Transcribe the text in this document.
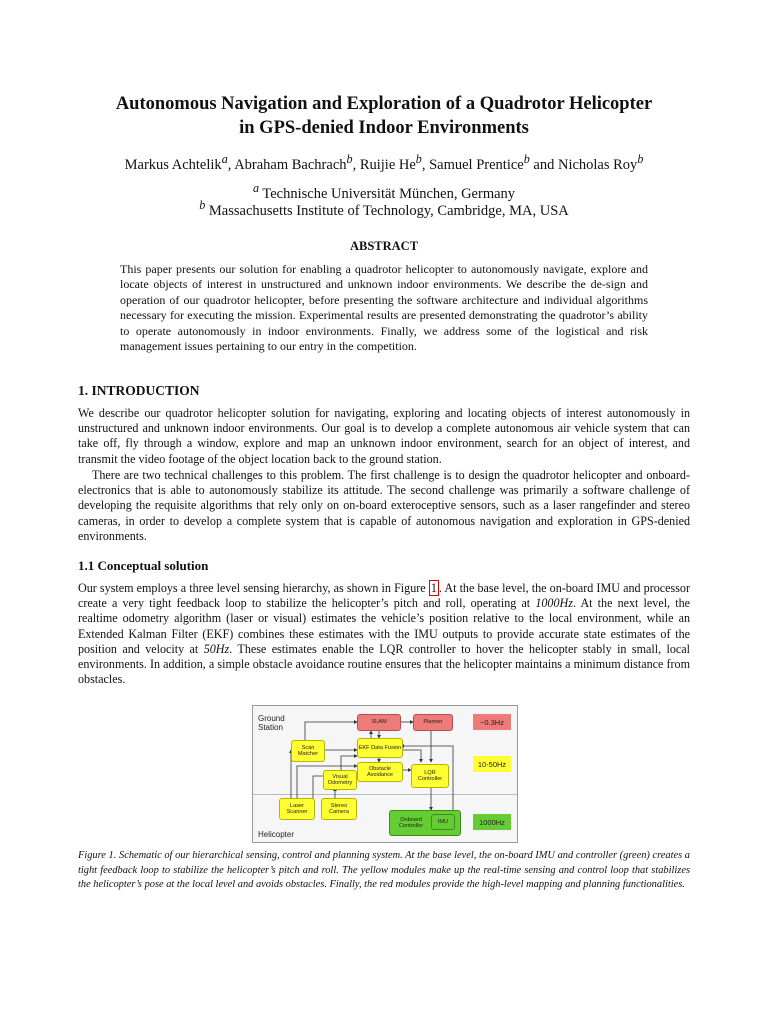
Autonomous Navigation and Exploration of a Quadrotor Helicopter
in GPS-denied Indoor Environments
Markus Achtelik$^a$, Abraham Bachrach$^b$, Ruijie He$^b$, Samuel Prentice$^b$ and Nicholas Roy$^b$
$^a$ Technische Universität München, Germany
$^b$ Massachusetts Institute of Technology, Cambridge, MA, USA
ABSTRACT
This paper presents our solution for enabling a quadrotor helicopter to autonomously navigate, explore and locate objects of interest in unstructured and unknown indoor environments. We describe the de-sign and operation of our quadrotor helicopter, before presenting the software architecture and individual algorithms necessary for executing the mission. Experimental results are presented demonstrating the quadrotor’s ability to operate autonomously in indoor environments. Finally, we address some of the logistical and risk management issues pertaining to our entry in the competition.
1. INTRODUCTION
We describe our quadrotor helicopter solution for navigating, exploring and locating objects of interest autonomously in unstructured and unknown indoor environments. Our goal is to develop a complete autonomous air vehicle system that can take off, fly through a window, explore and map an unknown indoor environment, search for an object of interest, and transmit the video footage of the object location back to the ground station.
There are two technical challenges to this problem. The first challenge is to design the quadrotor helicopter and onboard-electronics that is able to autonomously stabilize its attitude. The second challenge was primarily a software challenge of developing the requisite algorithms that rely only on on-board exteroceptive sensors, such as a laser rangefinder and stereo cameras, in order to develop a complete system that is capable of autonomous navigation and exploration in GPS-denied environments.
1.1 Conceptual solution
Our system employs a three level sensing hierarchy, as shown in Figure 1 . At the base level, the on-board IMU and processor create a very tight feedback loop to stabilize the helicopter’s pitch and roll, operating at 1000Hz. At the next level, the realtime odometry algorithm (laser or visual) estimates the vehicle’s position relative to the local environment, while an Extended Kalman Filter (EKF) combines these estimates with the IMU outputs to provide accurate state estimates of the position and velocity at 50Hz. These estimates enable the LQR controller to hover the helicopter stably in small, local environments. In addition, a simple obstacle avoidance routine ensures that the helicopter maintains a minimum distance from obstacles.
Ground Station
Helicopter
SLAM	Planner
Scan Matcher
EKF Data Fusion
Obstacle Avoidance	LQR Controller
Visual Odometry
Laser Scanner
Stereo Camera
Onboard Controller
IMU
~0.3Hz
10-50Hz
1000Hz
Figure 1. Schematic of our hierarchical sensing, control and planning system. At the base level, the on-board IMU and controller (green) creates a tight feedback loop to stabilize the helicopter’s pitch and roll. The yellow modules make up the real-time sensing and control loop that stabilizes the helicopter’s pose at the local level and avoids obstacles. Finally, the red modules provide the high-level mapping and planning functionalities.
